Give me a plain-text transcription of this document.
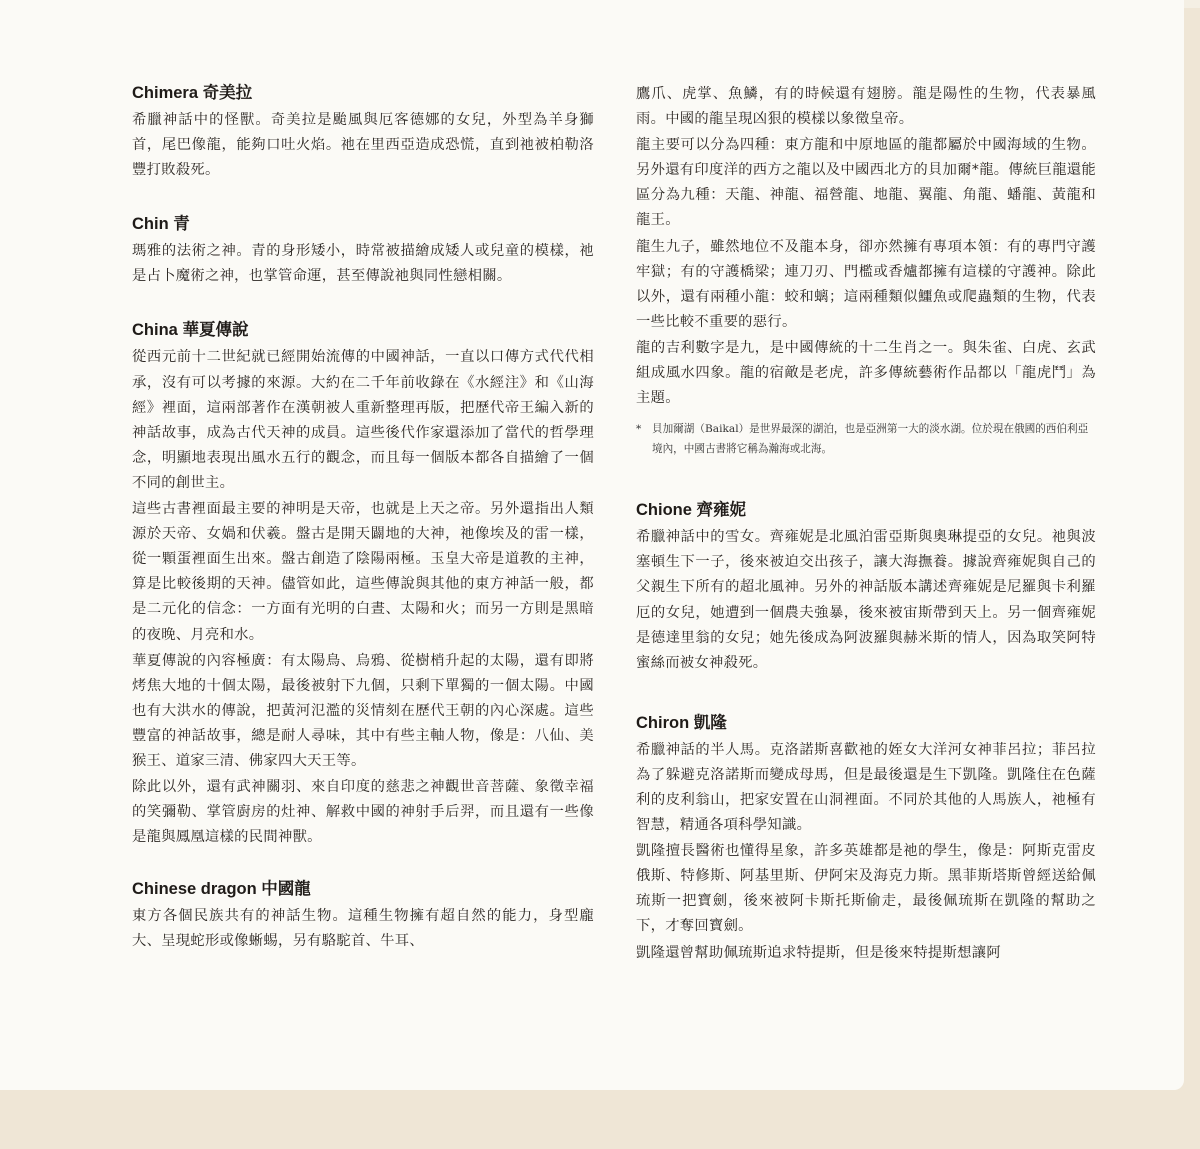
Chimera 奇美拉

希臘神話中的怪獸。奇美拉是颱風與厄客德娜的女兒，外型為羊身獅首，尾巴像龍，能夠口吐火焰。祂在里西亞造成恐慌，直到祂被柏勒洛豐打敗殺死。

Chin 青

瑪雅的法術之神。青的身形矮小，時常被描繪成矮人或兒童的模樣，祂是占卜魔術之神，也掌管命運，甚至傳說祂與同性戀相關。

China 華夏傳說

從西元前十二世紀就已經開始流傳的中國神話，一直以口傳方式代代相承，沒有可以考據的來源。大約在二千年前收錄在《水經注》和《山海經》裡面，這兩部著作在漢朝被人重新整理再版，把歷代帝王編入新的神話故事，成為古代天神的成員。這些後代作家還添加了當代的哲學理念，明顯地表現出風水五行的觀念，而且每一個版本都各自描繪了一個不同的創世主。

這些古書裡面最主要的神明是天帝，也就是上天之帝。另外還指出人類源於天帝、女媧和伏羲。盤古是開天闢地的大神，祂像埃及的雷一樣，從一顆蛋裡面生出來。盤古創造了陰陽兩極。玉皇大帝是道教的主神，算是比較後期的天神。儘管如此，這些傳說與其他的東方神話一般，都是二元化的信念：一方面有光明的白晝、太陽和火；而另一方則是黑暗的夜晚、月亮和水。

華夏傳說的內容極廣：有太陽鳥、烏鴉、從樹梢升起的太陽，還有即將烤焦大地的十個太陽，最後被射下九個，只剩下單獨的一個太陽。中國也有大洪水的傳說，把黃河氾濫的災情刻在歷代王朝的內心深處。這些豐富的神話故事，總是耐人尋味，其中有些主軸人物，像是：八仙、美猴王、道家三清、佛家四大天王等。

除此以外，還有武神關羽、來自印度的慈悲之神觀世音菩薩、象徵幸福的笑彌勒、掌管廚房的灶神、解救中國的神射手后羿，而且還有一些像是龍與鳳凰這樣的民間神獸。

Chinese dragon 中國龍

東方各個民族共有的神話生物。這種生物擁有超自然的能力，身型龐大、呈現蛇形或像蜥蜴，另有駱駝首、牛耳、

鷹爪、虎掌、魚鱗，有的時候還有翅膀。龍是陽性的生物，代表暴風雨。中國的龍呈現凶狠的模樣以象徵皇帝。

龍主要可以分為四種：東方龍和中原地區的龍都屬於中國海域的生物。另外還有印度洋的西方之龍以及中國西北方的貝加爾*龍。傳統巨龍還能區分為九種：天龍、神龍、福營龍、地龍、翼龍、角龍、蟠龍、黃龍和龍王。

龍生九子，雖然地位不及龍本身，卻亦然擁有專項本領：有的專門守護牢獄；有的守護橋梁；連刀刃、門檻或香爐都擁有這樣的守護神。除此以外，還有兩種小龍：蛟和螭；這兩種類似鱷魚或爬蟲類的生物，代表一些比較不重要的惡行。

龍的吉利數字是九，是中國傳統的十二生肖之一。與朱雀、白虎、玄武組成風水四象。龍的宿敵是老虎，許多傳統藝術作品都以「龍虎鬥」為主題。

* 貝加爾湖（Baikal）是世界最深的湖泊，也是亞洲第一大的淡水湖。位於現在俄國的西伯利亞境內，中國古書將它稱為瀚海或北海。

Chione 齊雍妮

希臘神話中的雪女。齊雍妮是北風泊雷亞斯與奧琳提亞的女兒。祂與波塞頓生下一子，後來被迫交出孩子，讓大海撫養。據說齊雍妮與自己的父親生下所有的超北風神。另外的神話版本講述齊雍妮是尼羅與卡利羅厄的女兒，她遭到一個農夫強暴，後來被宙斯帶到天上。另一個齊雍妮是德達里翁的女兒；她先後成為阿波羅與赫米斯的情人，因為取笑阿特蜜絲而被女神殺死。

Chiron 凱隆

希臘神話的半人馬。克洛諾斯喜歡祂的姪女大洋河女神菲呂拉；菲呂拉為了躲避克洛諾斯而變成母馬，但是最後還是生下凱隆。凱隆住在色薩利的皮利翁山，把家安置在山洞裡面。不同於其他的人馬族人，祂極有智慧，精通各項科學知識。

凱隆擅長醫術也懂得星象，許多英雄都是祂的學生，像是：阿斯克雷皮俄斯、特修斯、阿基里斯、伊阿宋及海克力斯。黑菲斯塔斯曾經送給佩琉斯一把寶劍，後來被阿卡斯托斯偷走，最後佩琉斯在凱隆的幫助之下，才奪回寶劍。

凱隆還曾幫助佩琉斯追求特提斯，但是後來特提斯想讓阿
